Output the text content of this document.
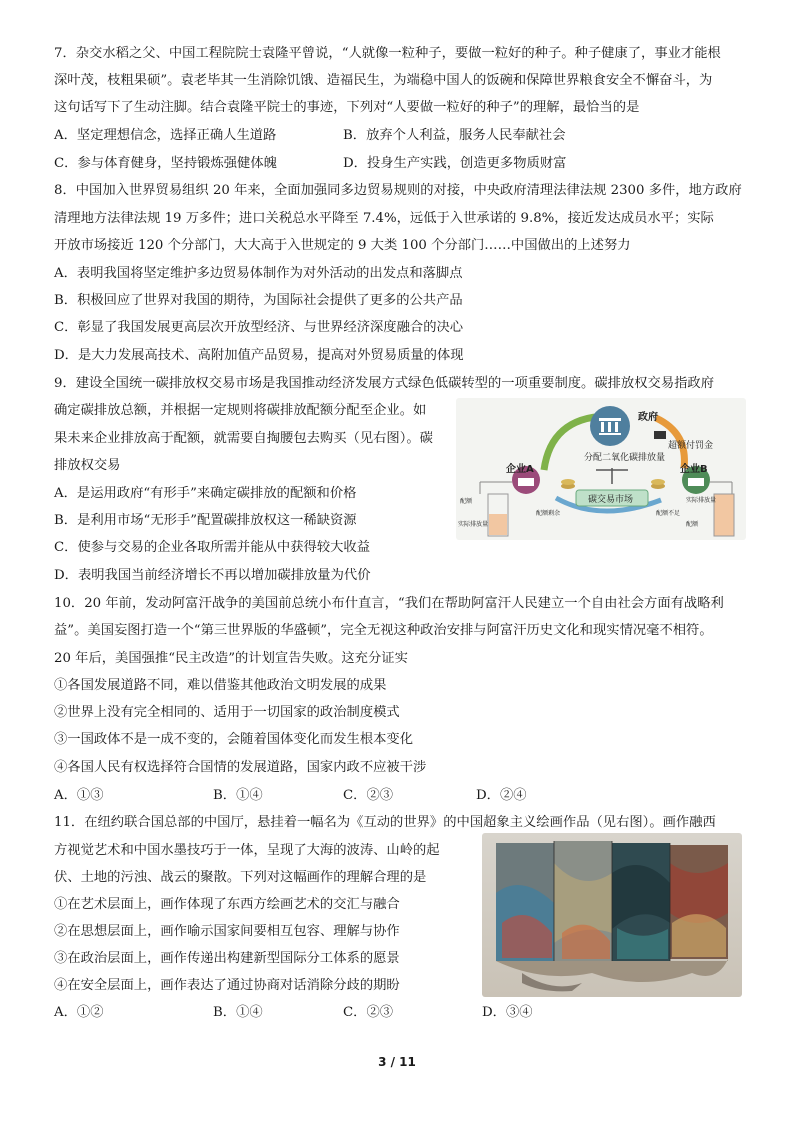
7．杂交水稻之父、中国工程院院士袁隆平曾说，“人就像一粒种子，要做一粒好的种子。种子健康了，事业才能根
深叶茂，枝粗果硕”。袁老毕其一生消除饥饿、造福民生，为端稳中国人的饭碗和保障世界粮食安全不懈奋斗，为
这句话写下了生动注脚。结合袁隆平院士的事迹，下列对“人要做一粒好的种子”的理解，最恰当的是
A．坚定理想信念，选择正确人生道路	B．放弃个人利益，服务人民奉献社会
C．参与体育健身，坚持锻炼强健体魄	D．投身生产实践，创造更多物质财富
8．中国加入世界贸易组织 20 年来，全面加强同多边贸易规则的对接，中央政府清理法律法规 2300 多件，地方政府
清理地方法律法规 19 万多件；进口关税总水平降至 7.4%，远低于入世承诺的 9.8%，接近发达成员水平；实际
开放市场接近 120 个分部门，大大高于入世规定的 9 大类 100 个分部门……中国做出的上述努力
A．表明我国将坚定维护多边贸易体制作为对外活动的出发点和落脚点
B．积极回应了世界对我国的期待，为国际社会提供了更多的公共产品
C．彰显了我国发展更高层次开放型经济、与世界经济深度融合的决心
D．是大力发展高技术、高附加值产品贸易，提高对外贸易质量的体现
9．建设全国统一碳排放权交易市场是我国推动经济发展方式绿色低碳转型的一项重要制度。碳排放权交易指政府
确定碳排放总额，并根据一定规则将碳排放配额分配至企业。如
果未来企业排放高于配额，就需要自掏腰包去购买（见右图）。碳
排放权交易
A．是运用政府“有形手”来确定碳排放的配额和价格
B．是利用市场“无形手”配置碳排放权这一稀缺资源
C．使参与交易的企业各取所需并能从中获得较大收益
D．表明我国当前经济增长不再以增加碳排放量为代价
政府
超额付罚金
分配二氧化碳排放量
企业A	企业B
碳交易市场
配额
实际排放量
配额剩余	配额不足
实际排放量
配额
10．20 年前，发动阿富汗战争的美国前总统小布什直言，“我们在帮助阿富汗人民建立一个自由社会方面有战略利
益”。美国妄图打造一个“第三世界版的华盛顿”，完全无视这种政治安排与阿富汗历史文化和现实情况毫不相符。
20 年后，美国强推“民主改造”的计划宣告失败。这充分证实
①各国发展道路不同，难以借鉴其他政治文明发展的成果
②世界上没有完全相同的、适用于一切国家的政治制度模式
③一国政体不是一成不变的，会随着国体变化而发生根本变化
④各国人民有权选择符合国情的发展道路，国家内政不应被干涉
A．①③	B．①④	C．②③	D．②④
11．在纽约联合国总部的中国厅，悬挂着一幅名为《互动的世界》的中国超象主义绘画作品（见右图）。画作融西
方视觉艺术和中国水墨技巧于一体，呈现了大海的波涛、山岭的起
伏、土地的污浊、战云的聚散。下列对这幅画作的理解合理的是
①在艺术层面上，画作体现了东西方绘画艺术的交汇与融合
②在思想层面上，画作喻示国家间要相互包容、理解与协作
③在政治层面上，画作传递出构建新型国际分工体系的愿景
④在安全层面上，画作表达了通过协商对话消除分歧的期盼
A．①②	B．①④	C．②③	D．③④
3 / 11
